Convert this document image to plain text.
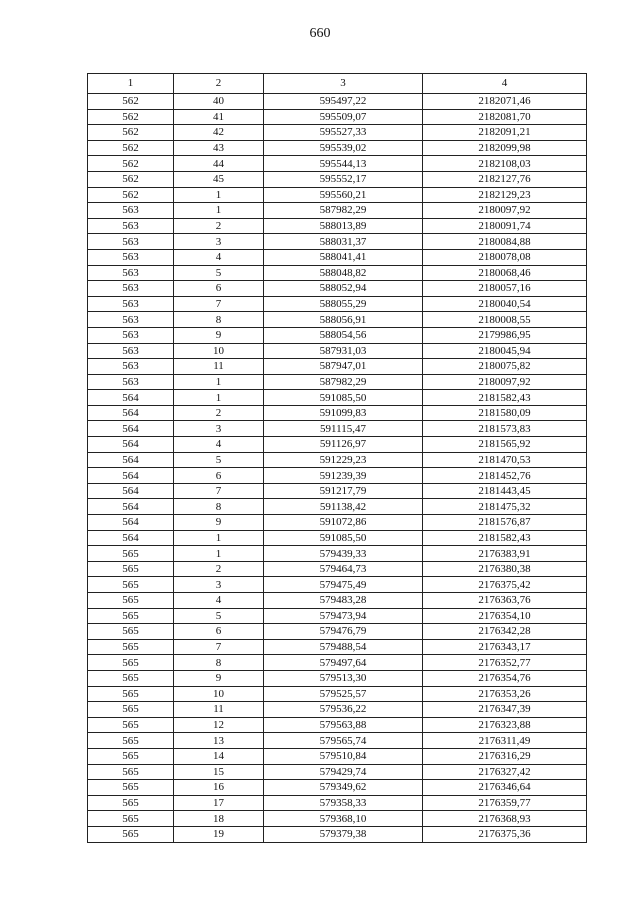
660
1	2	3	4
562	40	595497,22	2182071,46
562	41	595509,07	2182081,70
562	42	595527,33	2182091,21
562	43	595539,02	2182099,98
562	44	595544,13	2182108,03
562	45	595552,17	2182127,76
562	1	595560,21	2182129,23
563	1	587982,29	2180097,92
563	2	588013,89	2180091,74
563	3	588031,37	2180084,88
563	4	588041,41	2180078,08
563	5	588048,82	2180068,46
563	6	588052,94	2180057,16
563	7	588055,29	2180040,54
563	8	588056,91	2180008,55
563	9	588054,56	2179986,95
563	10	587931,03	2180045,94
563	11	587947,01	2180075,82
563	1	587982,29	2180097,92
564	1	591085,50	2181582,43
564	2	591099,83	2181580,09
564	3	591115,47	2181573,83
564	4	591126,97	2181565,92
564	5	591229,23	2181470,53
564	6	591239,39	2181452,76
564	7	591217,79	2181443,45
564	8	591138,42	2181475,32
564	9	591072,86	2181576,87
564	1	591085,50	2181582,43
565	1	579439,33	2176383,91
565	2	579464,73	2176380,38
565	3	579475,49	2176375,42
565	4	579483,28	2176363,76
565	5	579473,94	2176354,10
565	6	579476,79	2176342,28
565	7	579488,54	2176343,17
565	8	579497,64	2176352,77
565	9	579513,30	2176354,76
565	10	579525,57	2176353,26
565	11	579536,22	2176347,39
565	12	579563,88	2176323,88
565	13	579565,74	2176311,49
565	14	579510,84	2176316,29
565	15	579429,74	2176327,42
565	16	579349,62	2176346,64
565	17	579358,33	2176359,77
565	18	579368,10	2176368,93
565	19	579379,38	2176375,36
